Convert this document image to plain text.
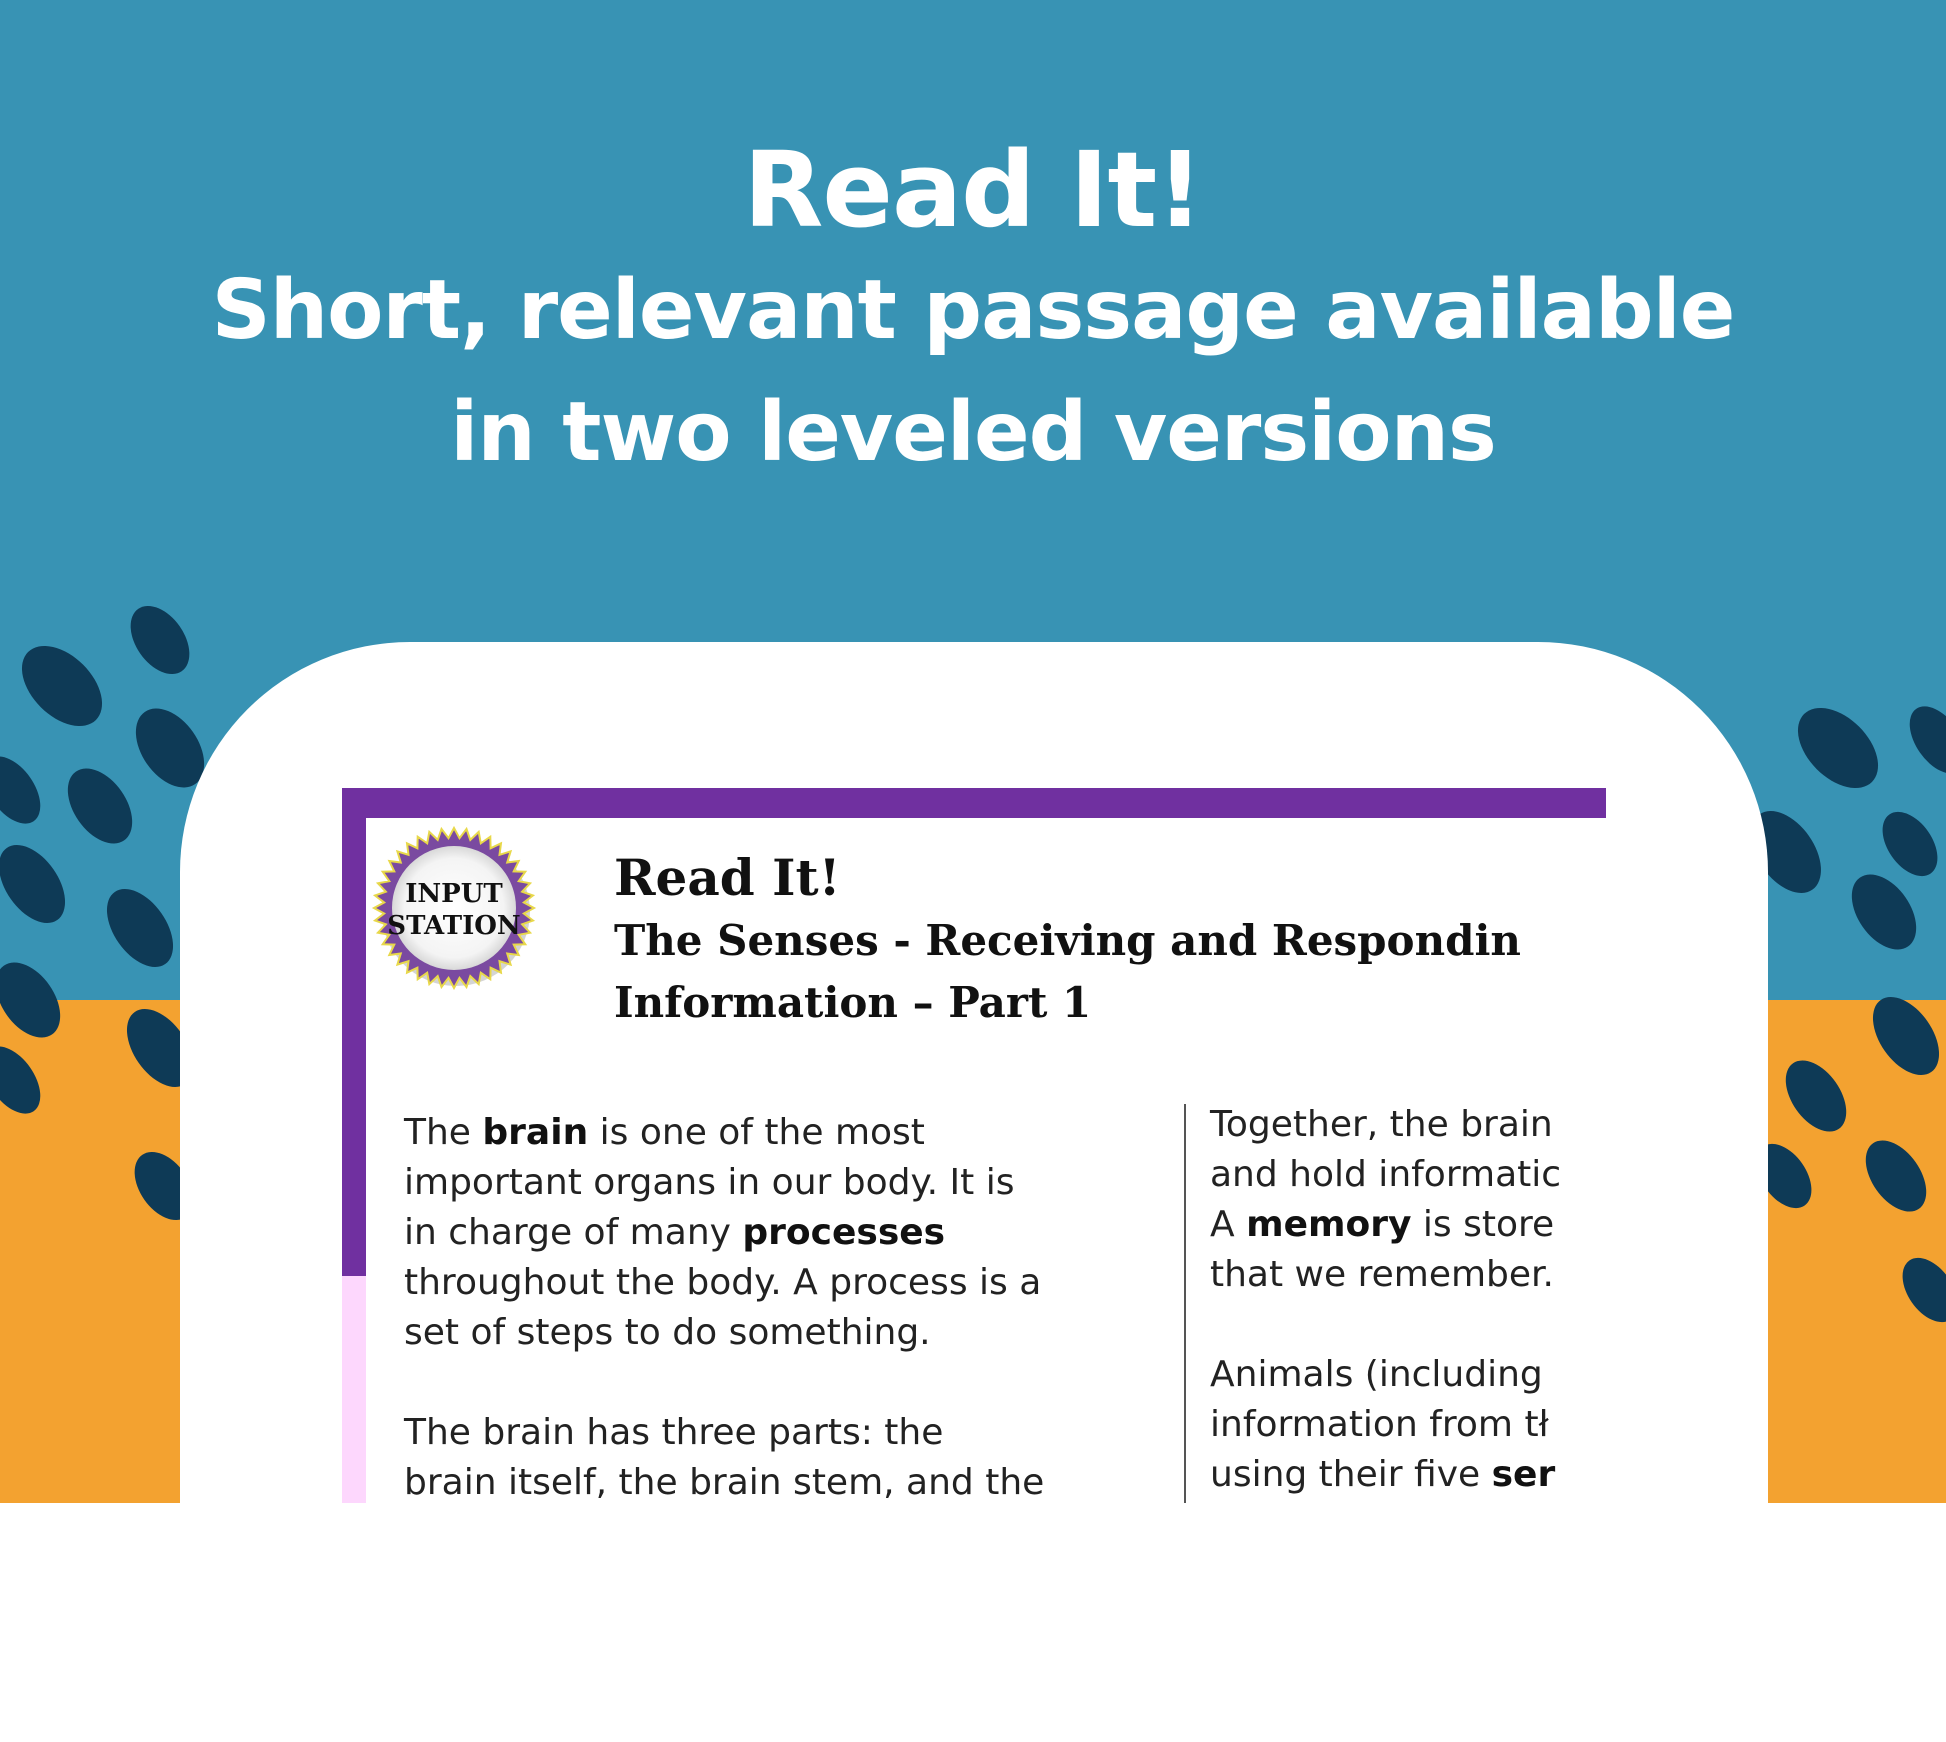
Read It!
Short, relevant passage available
in two leveled versions
INPUT
STATION
Read It!
The Senses - Receiving and Respondin
Information – Part 1

The brain is one of the most
important organs in our body. It is
in charge of many processes
throughout the body. A process is a
set of steps to do something.

The brain has three parts: the
brain itself, the brain stem, and the

Together, the brain
and hold informatic
A memory is store
that we remember.

Animals (including
information from tł
using their five ser
